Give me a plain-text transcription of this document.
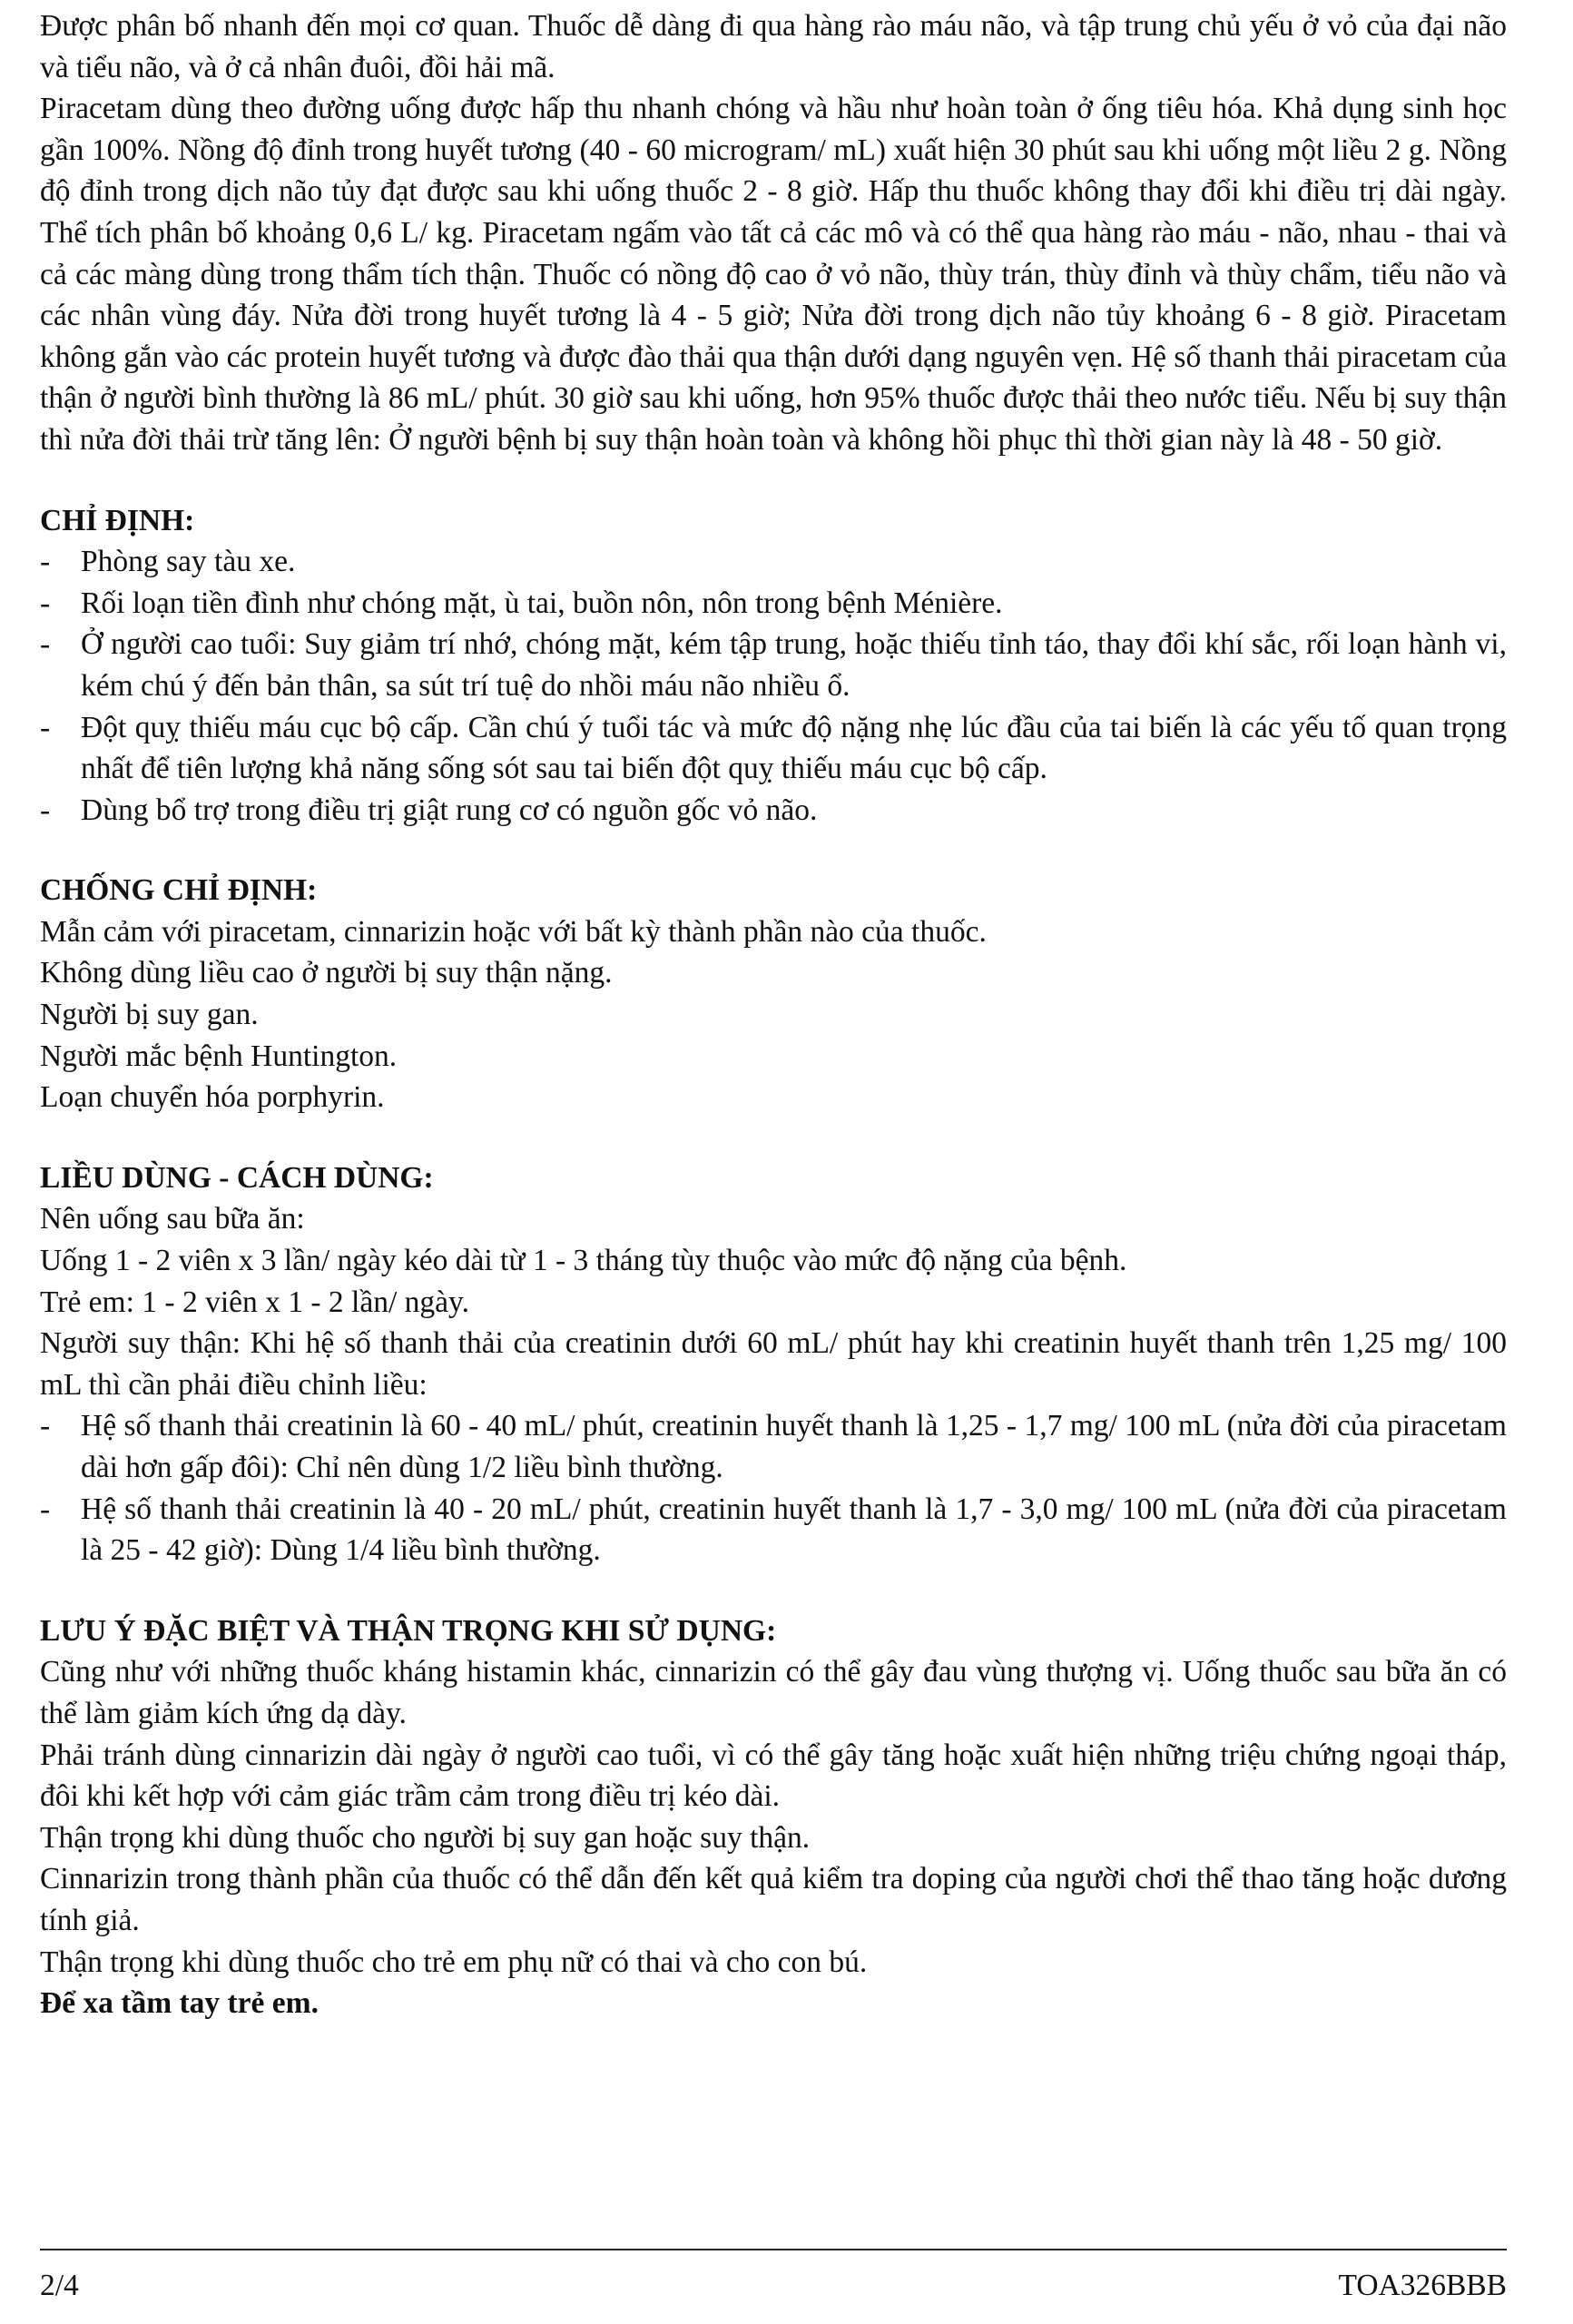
Được phân bố nhanh đến mọi cơ quan. Thuốc dễ dàng đi qua hàng rào máu não, và tập trung chủ yếu ở vỏ của đại não và tiểu não, và ở cả nhân đuôi, đồi hải mã.

Piracetam dùng theo đường uống được hấp thu nhanh chóng và hầu như hoàn toàn ở ống tiêu hóa. Khả dụng sinh học gần 100%. Nồng độ đỉnh trong huyết tương (40 - 60 microgram/ mL) xuất hiện 30 phút sau khi uống một liều 2 g. Nồng độ đỉnh trong dịch não tủy đạt được sau khi uống thuốc 2 - 8 giờ. Hấp thu thuốc không thay đổi khi điều trị dài ngày. Thể tích phân bố khoảng 0,6 L/ kg. Piracetam ngấm vào tất cả các mô và có thể qua hàng rào máu - não, nhau - thai và cả các màng dùng trong thẩm tích thận. Thuốc có nồng độ cao ở vỏ não, thùy trán, thùy đỉnh và thùy chẩm, tiểu não và các nhân vùng đáy. Nửa đời trong huyết tương là 4 - 5 giờ; Nửa đời trong dịch não tủy khoảng 6 - 8 giờ. Piracetam không gắn vào các protein huyết tương và được đào thải qua thận dưới dạng nguyên vẹn. Hệ số thanh thải piracetam của thận ở người bình thường là 86 mL/ phút. 30 giờ sau khi uống, hơn 95% thuốc được thải theo nước tiểu. Nếu bị suy thận thì nửa đời thải trừ tăng lên: Ở người bệnh bị suy thận hoàn toàn và không hồi phục thì thời gian này là 48 - 50 giờ.

CHỈ ĐỊNH:
- Phòng say tàu xe.
- Rối loạn tiền đình như chóng mặt, ù tai, buồn nôn, nôn trong bệnh Ménière.
- Ở người cao tuổi: Suy giảm trí nhớ, chóng mặt, kém tập trung, hoặc thiếu tỉnh táo, thay đổi khí sắc, rối loạn hành vi, kém chú ý đến bản thân, sa sút trí tuệ do nhồi máu não nhiều ổ.
- Đột quỵ thiếu máu cục bộ cấp. Cần chú ý tuổi tác và mức độ nặng nhẹ lúc đầu của tai biến là các yếu tố quan trọng nhất để tiên lượng khả năng sống sót sau tai biến đột quỵ thiếu máu cục bộ cấp.
- Dùng bổ trợ trong điều trị giật rung cơ có nguồn gốc vỏ não.
CHỐNG CHỈ ĐỊNH:

Mẫn cảm với piracetam, cinnarizin hoặc với bất kỳ thành phần nào của thuốc.

Không dùng liều cao ở người bị suy thận nặng.

Người bị suy gan.

Người mắc bệnh Huntington.

Loạn chuyển hóa porphyrin.

LIỀU DÙNG - CÁCH DÙNG:

Nên uống sau bữa ăn:

Uống 1 - 2 viên x 3 lần/ ngày kéo dài từ 1 - 3 tháng tùy thuộc vào mức độ nặng của bệnh.

Trẻ em: 1 - 2 viên x 1 - 2 lần/ ngày.

Người suy thận: Khi hệ số thanh thải của creatinin dưới 60 mL/ phút hay khi creatinin huyết thanh trên 1,25 mg/ 100 mL thì cần phải điều chỉnh liều:

- Hệ số thanh thải creatinin là 60 - 40 mL/ phút, creatinin huyết thanh là 1,25 - 1,7 mg/ 100 mL (nửa đời của piracetam dài hơn gấp đôi): Chỉ nên dùng 1/2 liều bình thường.
- Hệ số thanh thải creatinin là 40 - 20 mL/ phút, creatinin huyết thanh là 1,7 - 3,0 mg/ 100 mL (nửa đời của piracetam là 25 - 42 giờ): Dùng 1/4 liều bình thường.
LƯU Ý ĐẶC BIỆT VÀ THẬN TRỌNG KHI SỬ DỤNG:

Cũng như với những thuốc kháng histamin khác, cinnarizin có thể gây đau vùng thượng vị. Uống thuốc sau bữa ăn có thể làm giảm kích ứng dạ dày.

Phải tránh dùng cinnarizin dài ngày ở người cao tuổi, vì có thể gây tăng hoặc xuất hiện những triệu chứng ngoại tháp, đôi khi kết hợp với cảm giác trầm cảm trong điều trị kéo dài.

Thận trọng khi dùng thuốc cho người bị suy gan hoặc suy thận.

Cinnarizin trong thành phần của thuốc có thể dẫn đến kết quả kiểm tra doping của người chơi thể thao tăng hoặc dương tính giả.

Thận trọng khi dùng thuốc cho trẻ em phụ nữ có thai và cho con bú.

Để xa tầm tay trẻ em.

2/4	TOA326BBB
